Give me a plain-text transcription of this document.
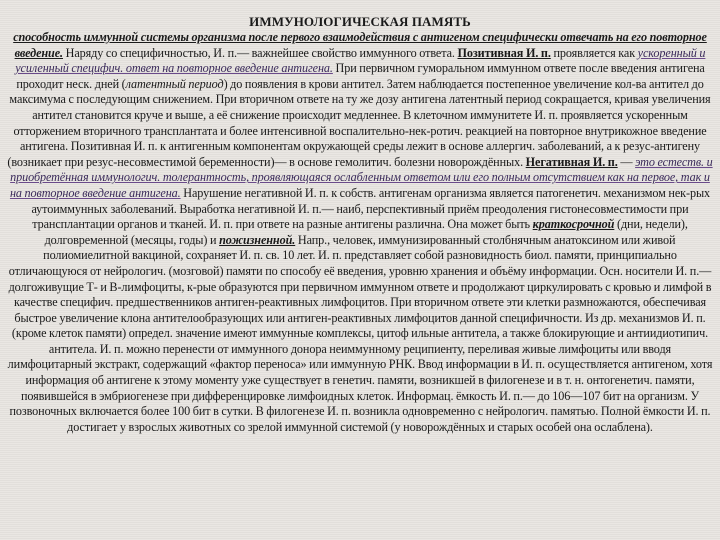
ИММУНОЛОГИЧЕСКАЯ ПАМЯТЬ

способность иммунной системы организма после первого взаимодействия с антигеном специфически отвечать на его повторное введение. Наряду со специфичностью, И. п.— важнейшее свойство иммунного ответа. Позитивная И. п. проявляется как ускоренный и усиленный специфич. ответ на повторное введение антигена. При первичном гуморальном иммунном ответе после введения антигена проходит неск. дней (латентный период) до появления в крови антител. Затем наблюдается постепенное увеличение кол-ва антител до максимума с последующим снижением. При вторичном ответе на ту же дозу антигена латентный период сокращается, кривая увеличения антител становится круче и выше, а её снижение происходит медленнее. В клеточном иммунитете И. п. проявляется ускоренным отторжением вторичного трансплантата и более интенсивной воспалительно-нек-ротич. реакцией на повторное внутрикожное введение антигена. Позитивная И. п. к антигенным компонентам окружающей среды лежит в основе аллергич. заболеваний, а к резус-антигену (возникает при резус-несовместимой беременности)— в основе гемолитич. болезни новорождённых. Негативная И. п. — это естеств. и приобретённая иммунологич. толерантность, проявляющаяся ослабленным ответом или его полным отсутствием как на первое, так и на повторное введение антигена. Нарушение негативной И. п. к собств. антигенам организма является патогенетич. механизмом нек-рых аутоиммунных заболеваний. Выработка негативной И. п.— наиб, перспективный приём преодоления гистонесовместимости при трансплантации органов и тканей. И. п. при ответе на разные антигены различна. Она может быть краткосрочной (дни, недели), долговременной (месяцы, годы) и пожизненной. Напр., человек, иммунизированный столбнячным анатоксином или живой полиомиелитной вакциной, сохраняет И. п. св. 10 лет. И. п. представляет собой разновидность биол. памяти, принципиально отличающуюся от нейрологич. (мозговой) памяти по способу её введения, уровню хранения и объёму информации. Осн. носители И. п.— долгоживущие Т- и В-лимфоциты, к-рые образуются при первичном иммунном ответе и продолжают циркулировать с кровью и лимфой в качестве специфич. предшественников антиген-реактивных лимфоцитов. При вторичном ответе эти клетки размножаются, обеспечивая быстрое увеличение клона антителообразующих или антиген-реактивных лимфоцитов данной специфичности. Из др. механизмов И. п. (кроме клеток памяти) определ. значение имеют иммунные комплексы, цитоф ильные антитела, а также блокирующие и антиидиотипич. антитела. И. п. можно перенести от иммунного донора неиммунному реципиенту, переливая живые лимфоциты или вводя лимфоцитарный экстракт, содержащий «фактор переноса» или иммунную РНК. Ввод информации в И. п. осуществляется антигеном, хотя информация об антигене к этому моменту уже существует в генетич. памяти, возникшей в филогенезе и в т. н. онтогенетич. памяти, появившейся в эмбриогенезе при дифференцировке лимфоидных клеток. Информац. ёмкость И. п.— до 106—107 бит на организм. У позвоночных включается более 100 бит в сутки. В филогенезе И. п. возникла одновременно с нейрологич. памятью. Полной ёмкости И. п. достигает у взрослых животных со зрелой иммунной системой (у новорождённых и старых особей она ослаблена).
